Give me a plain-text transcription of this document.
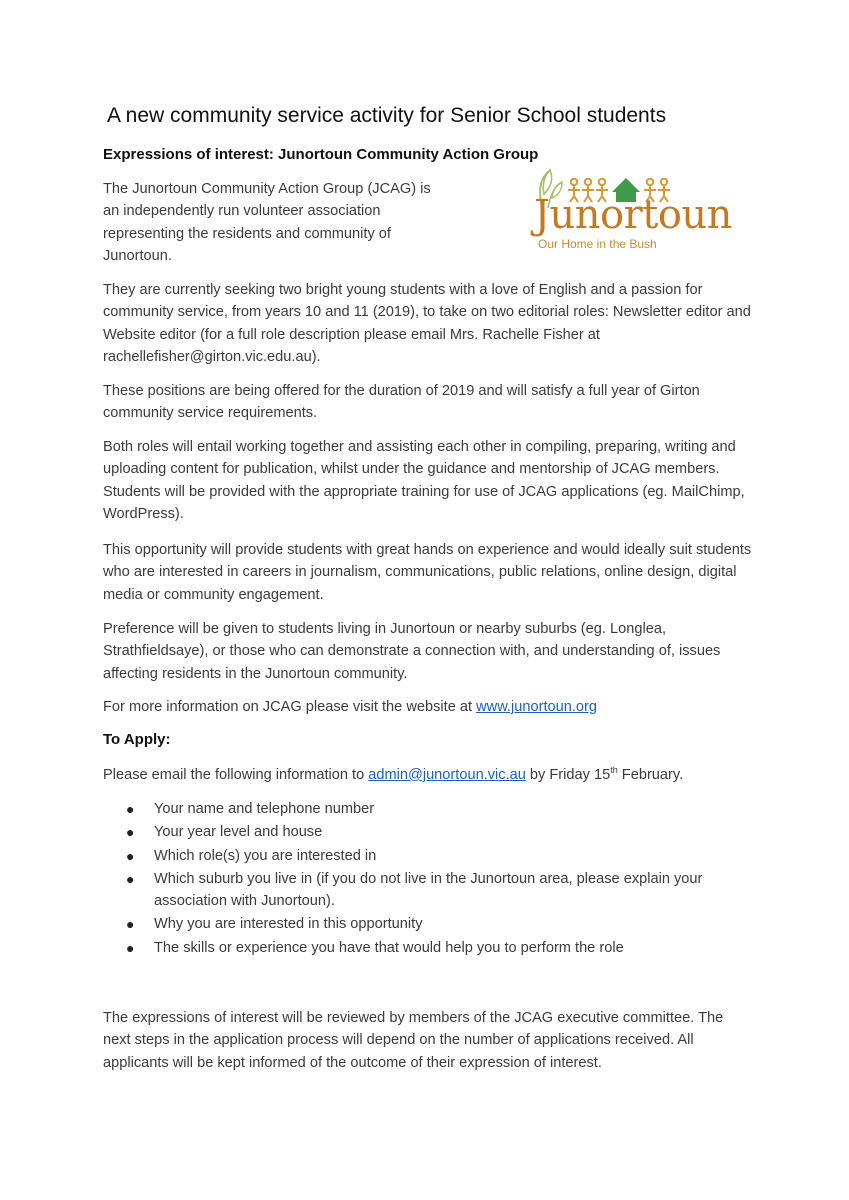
A new community service activity for Senior School students
Expressions of interest: Junortoun Community Action Group
Junortoun
Our Home in the Bush

The Junortoun Community Action Group (JCAG) is an independently run volunteer association representing the residents and community of Junortoun.

They are currently seeking two bright young students with a love of English and a passion for community service, from years 10 and 11 (2019), to take on two editorial roles: Newsletter editor and Website editor (for a full role description please email Mrs. Rachelle Fisher at rachellefisher@girton.vic.edu.au).

These positions are being offered for the duration of 2019 and will satisfy a full year of Girton community service requirements.

Both roles will entail working together and assisting each other in compiling, preparing, writing and uploading content for publication, whilst under the guidance and mentorship of JCAG members. Students will be provided with the appropriate training for use of JCAG applications (eg. MailChimp, WordPress).

This opportunity will provide students with great hands on experience and would ideally suit students who are interested in careers in journalism, communications, public relations, online design, digital media or community engagement.

Preference will be given to students living in Junortoun or nearby suburbs (eg. Longlea, Strathfieldsaye), or those who can demonstrate a connection with, and understanding of, issues affecting residents in the Junortoun community.

For more information on JCAG please visit the website at www.junortoun.org

To Apply:

Please email the following information to admin@junortoun.vic.au by Friday 15th February.

● Your name and telephone number
● Your year level and house
● Which role(s) you are interested in
● Which suburb you live in (if you do not live in the Junortoun area, please explain your association with Junortoun).
● Why you are interested in this opportunity
● The skills or experience you have that would help you to perform the role

The expressions of interest will be reviewed by members of the JCAG executive committee. The next steps in the application process will depend on the number of applications received. All applicants will be kept informed of the outcome of their expression of interest.
